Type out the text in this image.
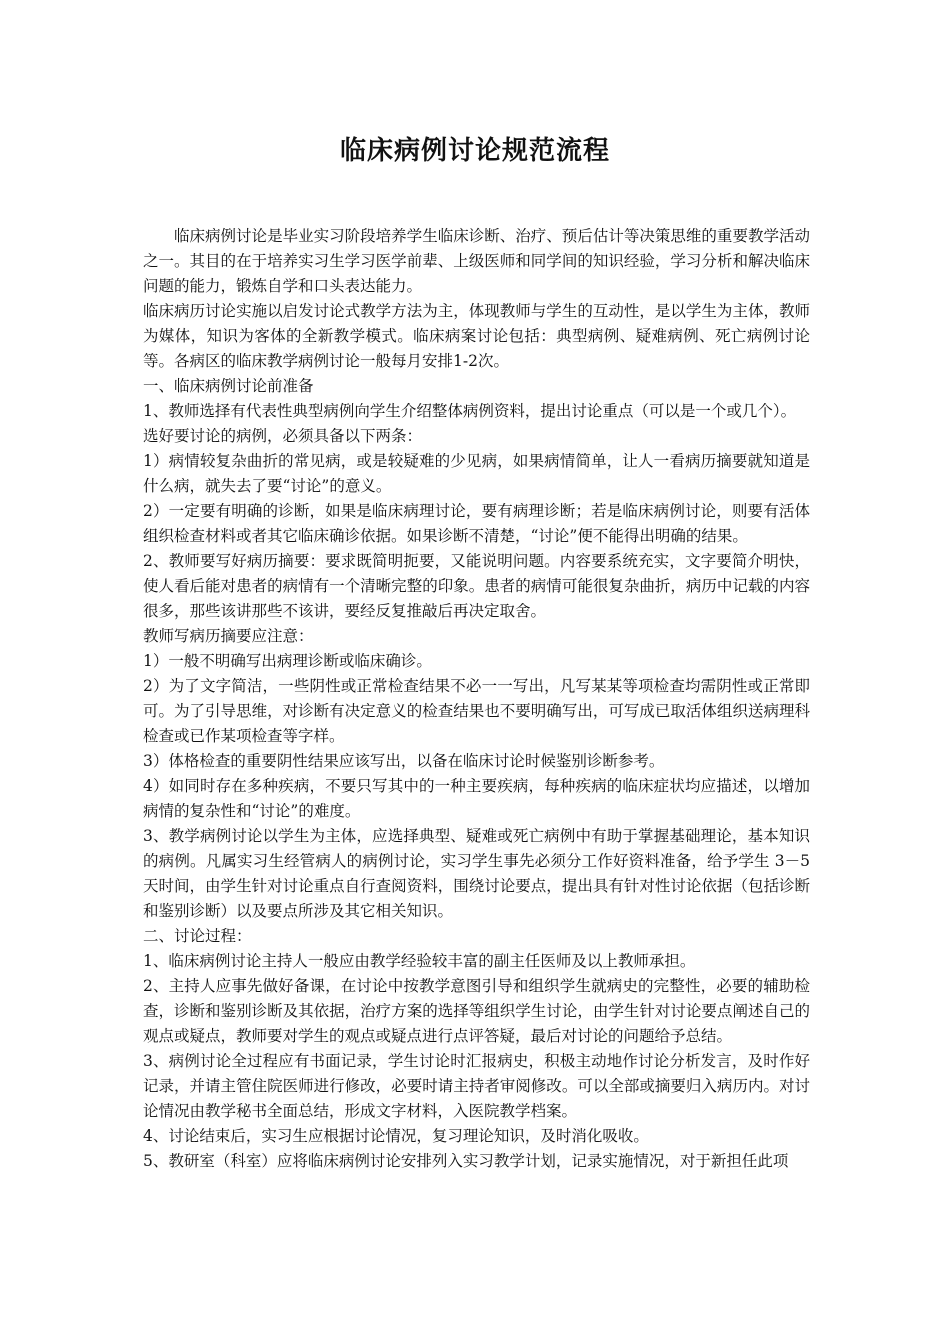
临床病例讨论规范流程

临床病例讨论是毕业实习阶段培养学生临床诊断、治疗、预后估计等决策思维的重要教学活动之一。其目的在于培养实习生学习医学前辈、上级医师和同学间的知识经验，学习分析和解决临床问题的能力，锻炼自学和口头表达能力。

临床病历讨论实施以启发讨论式教学方法为主，体现教师与学生的互动性，是以学生为主体，教师为媒体，知识为客体的全新教学模式。临床病案讨论包括：典型病例、疑难病例、死亡病例讨论等。各病区的临床教学病例讨论一般每月安排1-2次。

一、临床病例讨论前准备

1、教师选择有代表性典型病例向学生介绍整体病例资料，提出讨论重点（可以是一个或几个）。

选好要讨论的病例，必须具备以下两条：

1）病情较复杂曲折的常见病，或是较疑难的少见病，如果病情简单，让人一看病历摘要就知道是什么病，就失去了要“讨论”的意义。

2）一定要有明确的诊断，如果是临床病理讨论，要有病理诊断；若是临床病例讨论，则要有活体组织检查材料或者其它临床确诊依据。如果诊断不清楚，“讨论”便不能得出明确的结果。

2、教师要写好病历摘要：要求既简明扼要，又能说明问题。内容要系统充实，文字要简介明快，使人看后能对患者的病情有一个清晰完整的印象。患者的病情可能很复杂曲折，病历中记载的内容很多，那些该讲那些不该讲，要经反复推敲后再决定取舍。

教师写病历摘要应注意：

1）一般不明确写出病理诊断或临床确诊。

2）为了文字简洁，一些阴性或正常检查结果不必一一写出，凡写某某等项检查均需阴性或正常即可。为了引导思维，对诊断有决定意义的检查结果也不要明确写出，可写成已取活体组织送病理科检查或已作某项检查等字样。

3）体格检查的重要阴性结果应该写出，以备在临床讨论时候鉴别诊断参考。

4）如同时存在多种疾病，不要只写其中的一种主要疾病，每种疾病的临床症状均应描述，以增加病情的复杂性和“讨论”的难度。

3、教学病例讨论以学生为主体，应选择典型、疑难或死亡病例中有助于掌握基础理论，基本知识的病例。凡属实习生经管病人的病例讨论，实习学生事先必须分工作好资料准备，给予学生 3－5 天时间，由学生针对讨论重点自行查阅资料，围绕讨论要点，提出具有针对性讨论依据（包括诊断和鉴别诊断）以及要点所涉及其它相关知识。

二、讨论过程：

1、临床病例讨论主持人一般应由教学经验较丰富的副主任医师及以上教师承担。

2、主持人应事先做好备课，在讨论中按教学意图引导和组织学生就病史的完整性，必要的辅助检查，诊断和鉴别诊断及其依据，治疗方案的选择等组织学生讨论，由学生针对讨论要点阐述自己的观点或疑点，教师要对学生的观点或疑点进行点评答疑，最后对讨论的问题给予总结。

3、病例讨论全过程应有书面记录，学生讨论时汇报病史，积极主动地作讨论分析发言，及时作好记录，并请主管住院医师进行修改，必要时请主持者审阅修改。可以全部或摘要归入病历内。对讨论情况由教学秘书全面总结，形成文字材料，入医院教学档案。

4、讨论结束后，实习生应根据讨论情况，复习理论知识，及时消化吸收。

5、教研室（科室）应将临床病例讨论安排列入实习教学计划，记录实施情况，对于新担任此项
